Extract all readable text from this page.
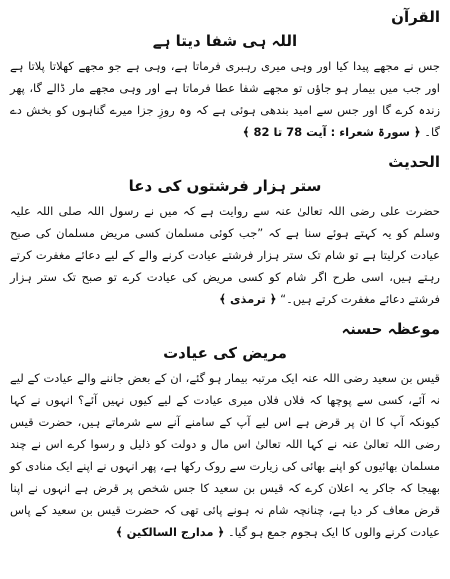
القرآن
اللہ ہی شفا دیتا ہے

جس نے مجھے پیدا کیا اور وہی میری رہبری فرماتا ہے، وہی ہے جو مجھے کھلاتا پلاتا ہے اور جب میں بیمار ہو جاؤں تو مجھے شفا عطا فرماتا ہے اور وہی مجھے مار ڈالے گا، پھر زندہ کرے گا اور جس سے امید بندھی ہوئی ہے کہ وہ روزِ جزا میرے گناہوں کو بخش دے گا۔ ﴿ سورۃ شعراء : آیت 78 تا 82 ﴾

الحدیث
ستر ہزار فرشتوں کی دعا

حضرت علی رضی اللہ تعالیٰ عنہ سے روایت ہے کہ میں نے رسول اللہ صلی اللہ علیہ وسلم کو یہ کہتے ہوئے سنا ہے کہ ”جب کوئی مسلمان کسی مریض مسلمان کی صبح عیادت کرلیتا ہے تو شام تک ستر ہزار فرشتے عیادت کرنے والے کے لیے دعائے مغفرت کرتے رہتے ہیں، اسی طرح اگر شام کو کسی مریض کی عیادت کرے تو صبح تک ستر ہزار فرشتے دعائے مغفرت کرتے ہیں۔“ ﴿ ترمذی ﴾

موعظہ حسنہ
مریض کی عیادت

قیس بن سعید رضی اللہ عنہ ایک مرتبہ بیمار ہو گئے، ان کے بعض جاننے والے عیادت کے لیے نہ آئے، کسی سے پوچھا کہ فلاں فلاں میری عیادت کے لیے کیوں نہیں آئے؟ انہوں نے کہا کیونکہ آپ کا ان پر قرض ہے اس لیے آپ کے سامنے آنے سے شرماتے ہیں، حضرت قیس رضی اللہ تعالیٰ عنہ نے کہا اللہ تعالیٰ اس مال و دولت کو ذلیل و رسوا کرے اس نے چند مسلمان بھائیوں کو اپنے بھائی کی زیارت سے روک رکھا ہے، پھر انہوں نے اپنے ایک منادی کو بھیجا کہ جاکر یہ اعلان کرے کہ قیس بن سعید کا جس شخص پر قرض ہے انہوں نے اپنا قرض معاف کر دیا ہے، چنانچہ شام نہ ہونے پائی تھی کہ حضرت قیس بن سعید کے پاس عیادت کرنے والوں کا ایک ہجوم جمع ہو گیا۔ ﴿ مدارج السالکین ﴾
